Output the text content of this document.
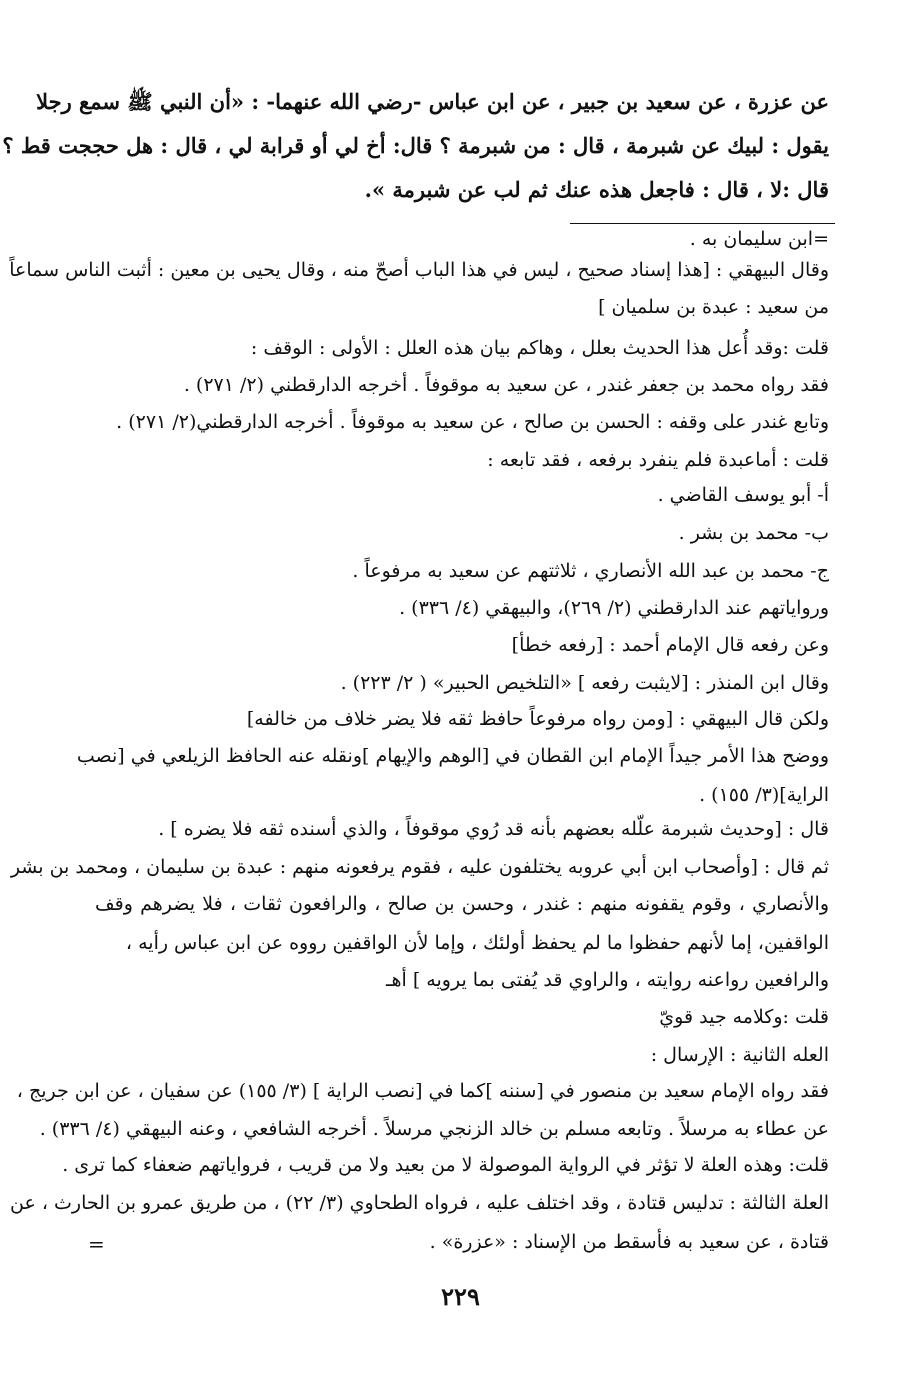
عن عزرة ، عن سعيد بن جبير ، عن ابن عباس -رضي الله عنهما- : «أن النبي ﷺ سمع رجلا
يقول : لبيك عن شبرمة ، قال : من شبرمة ؟ قال: أخ لي أو قرابة لي ، قال : هل حججت قط ؟
قال :لا ، قال : فاجعل هذه عنك ثم لب عن شبرمة ».
=ابن سليمان به .
وقال البيهقي : [هذا إسناد صحيح ، ليس في هذا الباب أصحّ منه ، وقال يحيى بن معين : أثبت الناس سماعاً
من سعيد : عبدة بن سلميان ]
قلت :وقد أُعل هذا الحديث بعلل ، وهاكم بيان هذه العلل : الأولى : الوقف :
فقد رواه محمد بن جعفر غندر ، عن سعيد به موقوفاً . أخرجه الدارقطني (٢/ ٢٧١) .
وتابع غندر على وقفه : الحسن بن صالح ، عن سعيد به موقوفاً . أخرجه الدارقطني(٢/ ٢٧١) .
قلت : أماعبدة فلم ينفرد برفعه ، فقد تابعه :
أ- أبو يوسف القاضي .
ب- محمد بن بشر .
ج- محمد بن عبد الله الأنصاري ، ثلاثتهم عن سعيد به مرفوعاً .
ورواياتهم عند الدارقطني (٢/ ٢٦٩)، والبيهقي (٤/ ٣٣٦) .
وعن رفعه قال الإمام أحمد : [رفعه خطأ]
وقال ابن المنذر : [لايثبت رفعه ] «التلخيص الحبير» ( ٢/ ٢٢٣) .
ولكن قال البيهقي : [ومن رواه مرفوعاً حافظ ثقه فلا يضر خلاف من خالفه]
ووضح هذا الأمر جيداً الإمام ابن القطان في [الوهم والإيهام ]ونقله عنه الحافظ الزيلعي في [نصب
الراية](٣/ ١٥٥) .
قال : [وحديث شبرمة علّله بعضهم بأنه قد رُوي موقوفاً ، والذي أسنده ثقه فلا يضره ] .
ثم قال : [وأصحاب ابن أبي عروبه يختلفون عليه ، فقوم يرفعونه منهم : عبدة بن سليمان ، ومحمد بن بشر
والأنصاري ، وقوم يقفونه منهم : غندر ، وحسن بن صالح ، والرافعون ثقات ، فلا يضرهم وقف
الواقفين، إما لأنهم حفظوا ما لم يحفظ أولئك ، وإما لأن الواقفين رووه عن ابن عباس رأيه ،
والرافعين رواعنه روايته ، والراوي قد يُفتى بما يرويه ] أهـ
قلت :وكلامه جيد قويّ
العله الثانية : الإرسال :
فقد رواه الإمام سعيد بن منصور في [سننه ]كما في [نصب الراية ] (٣/ ١٥٥) عن سفيان ، عن ابن جريج ،
عن عطاء به مرسلاً . وتابعه مسلم بن خالد الزنجي مرسلاً . أخرجه الشافعي ، وعنه البيهقي (٤/ ٣٣٦) .
قلت: وهذه العلة لا تؤثر في الرواية الموصولة لا من بعيد ولا من قريب ، فرواياتهم ضعفاء كما ترى .
العلة الثالثة : تدليس قتادة ، وقد اختلف عليه ، فرواه الطحاوي (٣/ ٢٢) ، من طريق عمرو بن الحارث ، عن
قتادة ، عن سعيد به فأسقط من الإسناد : «عزرة» .
=
٢٢٩
